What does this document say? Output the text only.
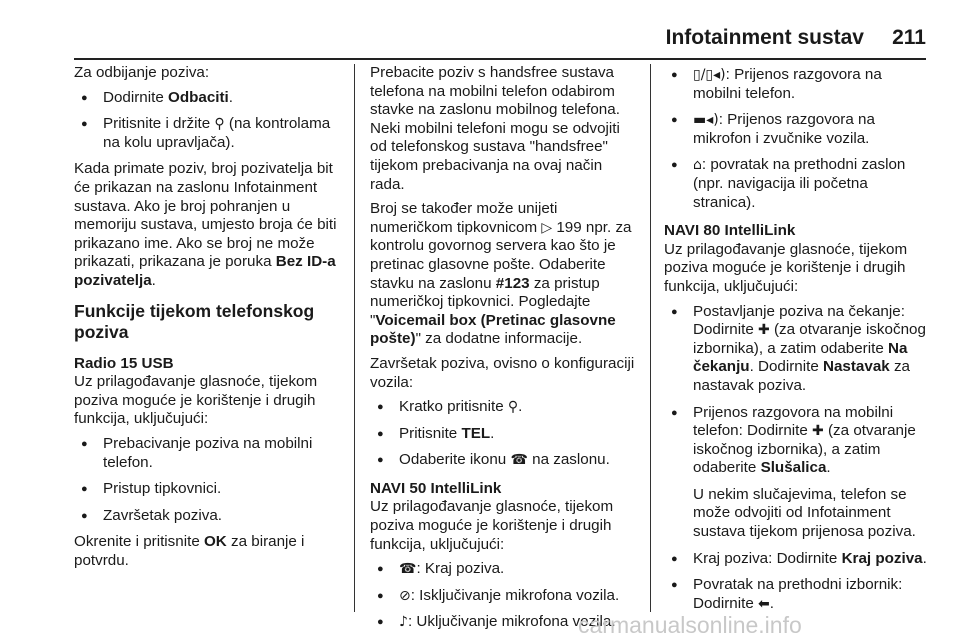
Infotainment sustav 211

Za odbijanje poziva:

● Dodirnite Odbaciti.
● Pritisnite i držite ⚲ (na kontrolama na kolu upravljača).

Kada primate poziv, broj pozivatelja bit će prikazan na zaslonu Infotainment sustava. Ako je broj pohranjen u memoriju sustava, umjesto broja će biti prikazano ime. Ako se broj ne može prikazati, prikazana je poruka Bez ID-a pozivatelja.

Funkcije tijekom telefonskog poziva
Radio 15 USB

Uz prilagođavanje glasnoće, tijekom poziva moguće je korištenje i drugih funkcija, uključujući:

● Prebacivanje poziva na mobilni telefon.
● Pristup tipkovnici.
● Završetak poziva.

Okrenite i pritisnite OK za biranje i potvrdu.

Prebacite poziv s handsfree sustava telefona na mobilni telefon odabirom stavke na zaslonu mobilnog telefona. Neki mobilni telefoni mogu se odvojiti od telefonskog sustava "handsfree" tijekom prebacivanja na ovaj način rada.

Broj se također može unijeti numeričkom tipkovnicom ▷ 199 npr. za kontrolu govornog servera kao što je pretinac glasovne pošte. Odaberite stavku na zaslonu #123 za pristup numeričkoj tipkovnici. Pogledajte "Voicemail box (Pretinac glasovne pošte)" za dodatne informacije.

Završetak poziva, ovisno o konfiguraciji vozila:

● Kratko pritisnite ⚲.
● Pritisnite TEL.
● Odaberite ikonu ☎ na zaslonu.
NAVI 50 IntelliLink

Uz prilagođavanje glasnoće, tijekom poziva moguće je korištenje i drugih funkcija, uključujući:

● ☎: Kraj poziva.
● ⊘: Isključivanje mikrofona vozila.
● ♪: Uključivanje mikrofona vozila.
● ▯/▯◂): Prijenos razgovora na mobilni telefon.
● ▬◂): Prijenos razgovora na mikrofon i zvučnike vozila.
● ⌂: povratak na prethodni zaslon (npr. navigacija ili početna stranica).
NAVI 80 IntelliLink

Uz prilagođavanje glasnoće, tijekom poziva moguće je korištenje i drugih funkcija, uključujući:

● Postavljanje poziva na čekanje: Dodirnite ✚ (za otvaranje iskočnog izbornika), a zatim odaberite Na čekanju. Dodirnite Nastavak za nastavak poziva.
● Prijenos razgovora na mobilni telefon: Dodirnite ✚ (za otvaranje iskočnog izbornika), a zatim odaberite Slušalica.
U nekim slučajevima, telefon se može odvojiti od Infotainment sustava tijekom prijenosa poziva.
● Kraj poziva: Dodirnite Kraj poziva.
● Povratak na prethodni izbornik: Dodirnite ⬅.
carmanualsonline.info
